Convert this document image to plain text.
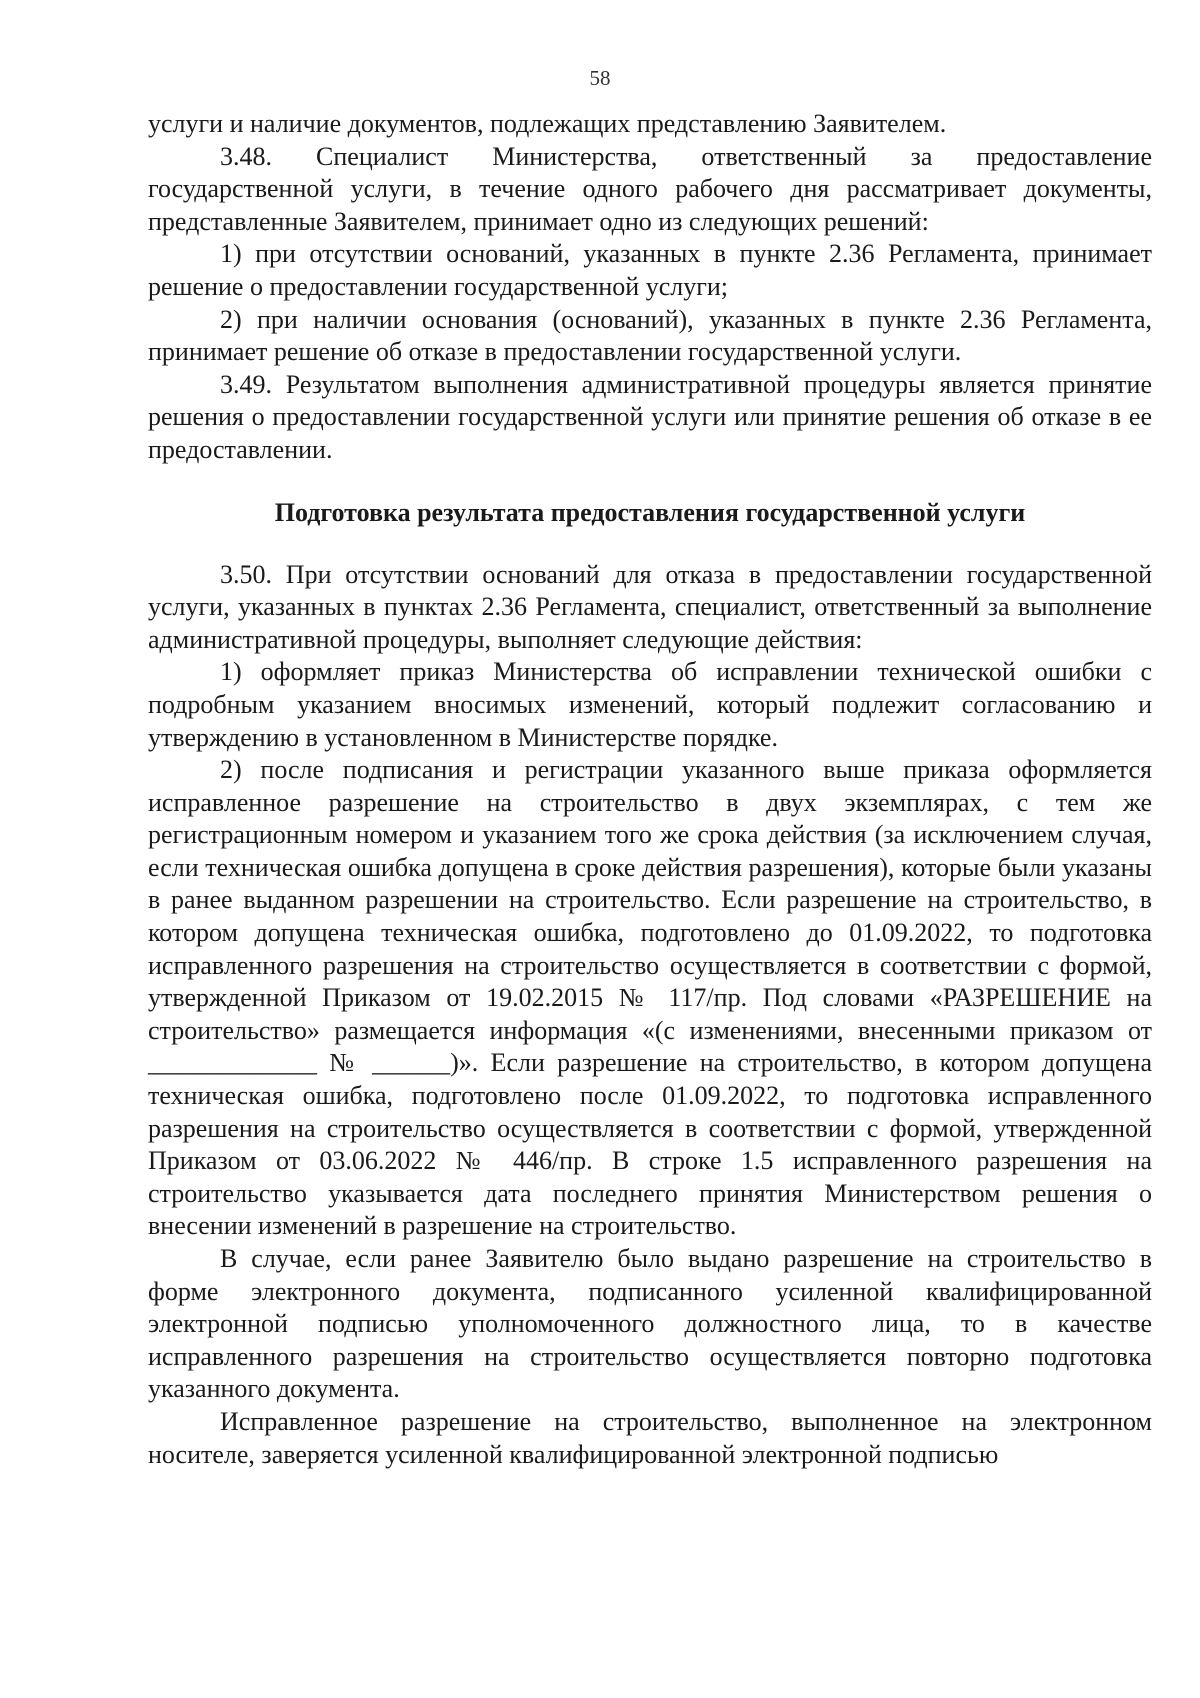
58

услуги и наличие документов, подлежащих представлению Заявителем.

3.48. Специалист Министерства, ответственный за предоставление государственной услуги, в течение одного рабочего дня рассматривает документы, представленные Заявителем, принимает одно из следующих решений:

1) при отсутствии оснований, указанных в пункте 2.36 Регламента, принимает решение о предоставлении государственной услуги;

2) при наличии основания (оснований), указанных в пункте 2.36 Регламента, принимает решение об отказе в предоставлении государственной услуги.

3.49. Результатом выполнения административной процедуры является принятие решения о предоставлении государственной услуги или принятие решения об отказе в ее предоставлении.

Подготовка результата предоставления государственной услуги

3.50. При отсутствии оснований для отказа в предоставлении государственной услуги, указанных в пунктах 2.36 Регламента, специалист, ответственный за выполнение административной процедуры, выполняет следующие действия:

1) оформляет приказ Министерства об исправлении технической ошибки с подробным указанием вносимых изменений, который подлежит согласованию и утверждению в установленном в Министерстве порядке.

2) после подписания и регистрации указанного выше приказа оформляется исправленное разрешение на строительство в двух экземплярах, с тем же регистрационным номером и указанием того же срока действия (за исключением случая, если техническая ошибка допущена в сроке действия разрешения), которые были указаны в ранее выданном разрешении на строительство. Если разрешение на строительство, в котором допущена техническая ошибка, подготовлено до 01.09.2022, то подготовка исправленного разрешения на строительство осуществляется в соответствии с формой, утвержденной Приказом от 19.02.2015 № 117/пр. Под словами «РАЗРЕШЕНИЕ на строительство» размещается информация «(с изменениями, внесенными приказом от _____________ № ______)». Если разрешение на строительство, в котором допущена техническая ошибка, подготовлено после 01.09.2022, то подготовка исправленного разрешения на строительство осуществляется в соответствии с формой, утвержденной Приказом от 03.06.2022 № 446/пр. В строке 1.5 исправленного разрешения на строительство указывается дата последнего принятия Министерством решения о внесении изменений в разрешение на строительство.

В случае, если ранее Заявителю было выдано разрешение на строительство в форме электронного документа, подписанного усиленной квалифицированной электронной подписью уполномоченного должностного лица, то в качестве исправленного разрешения на строительство осуществляется повторно подготовка указанного документа.

Исправленное разрешение на строительство, выполненное на электронном носителе, заверяется усиленной квалифицированной электронной подписью
